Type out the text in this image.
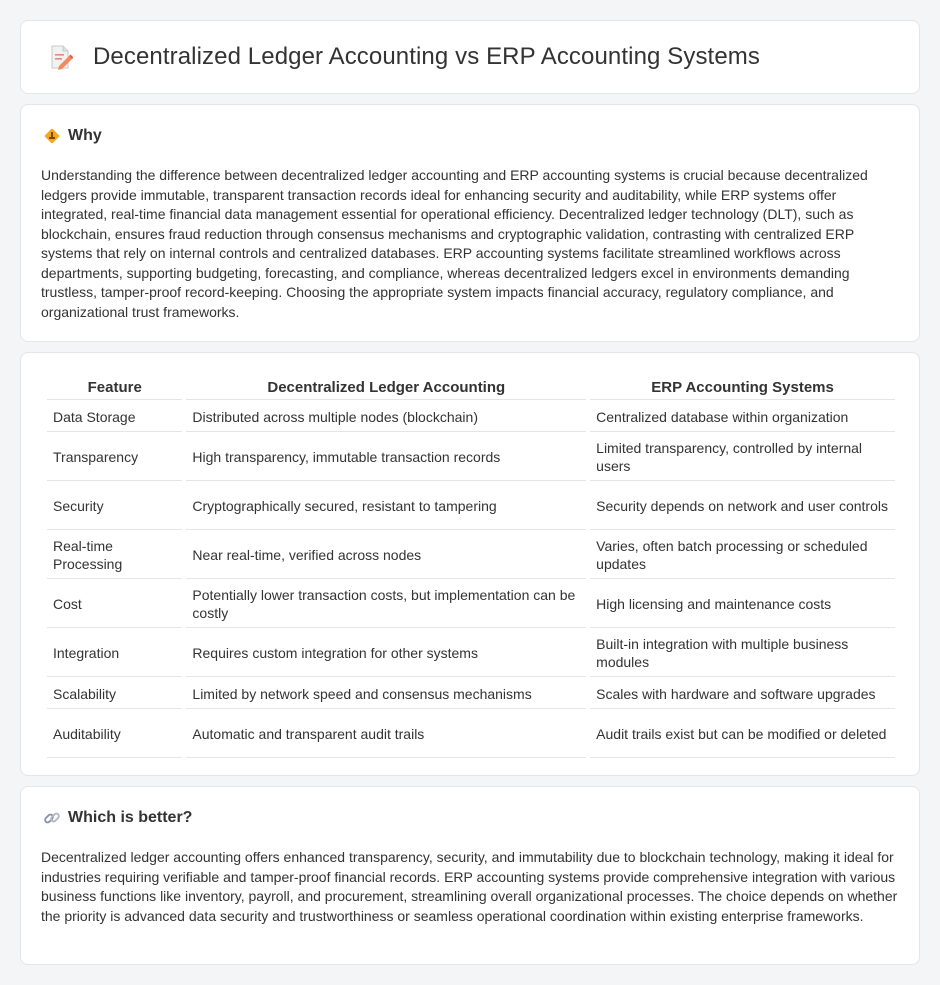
Decentralized Ledger Accounting vs ERP Accounting Systems
Why

Understanding the difference between decentralized ledger accounting and ERP accounting systems is crucial because decentralized ledgers provide immutable, transparent transaction records ideal for enhancing security and auditability, while ERP systems offer integrated, real-time financial data management essential for operational efficiency. Decentralized ledger technology (DLT), such as blockchain, ensures fraud reduction through consensus mechanisms and cryptographic validation, contrasting with centralized ERP systems that rely on internal controls and centralized databases. ERP accounting systems facilitate streamlined workflows across departments, supporting budgeting, forecasting, and compliance, whereas decentralized ledgers excel in environments demanding trustless, tamper-proof record-keeping. Choosing the appropriate system impacts financial accuracy, regulatory compliance, and organizational trust frameworks.

Feature	Decentralized Ledger Accounting	ERP Accounting Systems
Data Storage	Distributed across multiple nodes (blockchain)	Centralized database within organization
Transparency	High transparency, immutable transaction records	Limited transparency, controlled by internal users
Security	Cryptographically secured, resistant to tampering	Security depends on network and user controls
Real-time Processing	Near real-time, verified across nodes	Varies, often batch processing or scheduled updates
Cost	Potentially lower transaction costs, but implementation can be costly	High licensing and maintenance costs
Integration	Requires custom integration for other systems	Built-in integration with multiple business modules
Scalability	Limited by network speed and consensus mechanisms	Scales with hardware and software upgrades
Auditability	Automatic and transparent audit trails	Audit trails exist but can be modified or deleted
Which is better?

Decentralized ledger accounting offers enhanced transparency, security, and immutability due to blockchain technology, making it ideal for industries requiring verifiable and tamper-proof financial records. ERP accounting systems provide comprehensive integration with various business functions like inventory, payroll, and procurement, streamlining overall organizational processes. The choice depends on whether the priority is advanced data security and trustworthiness or seamless operational coordination within existing enterprise frameworks.
